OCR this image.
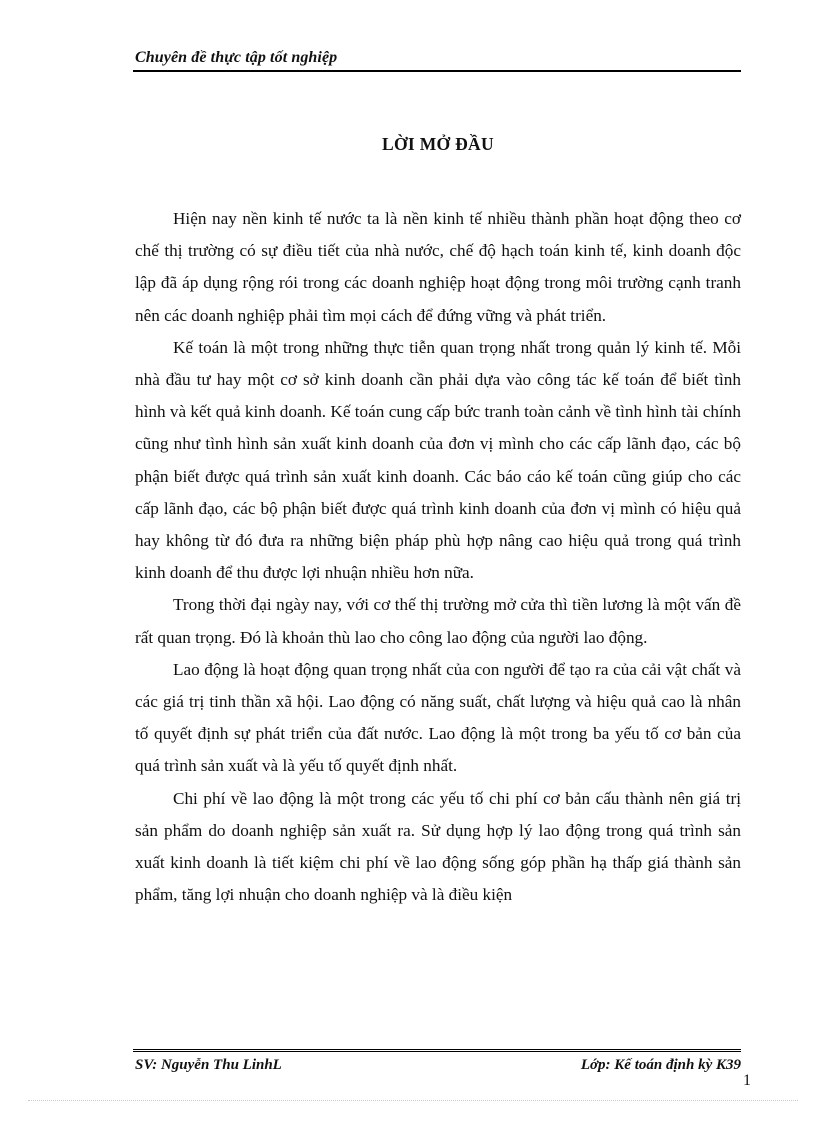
Chuyên đề thực tập tốt nghiệp
LỜI MỞ ĐẦU

Hiện nay nền kinh tế nước ta là nền kinh tế nhiều thành phần hoạt động theo cơ chế thị trường có sự điều tiết của nhà nước, chế độ hạch toán kinh tế, kinh doanh độc lập đã áp dụng rộng rói trong các doanh nghiệp hoạt động trong môi trường cạnh tranh nên các doanh nghiệp phải tìm mọi cách để đứng vững và phát triển.

Kế toán là một trong những thực tiễn quan trọng nhất trong quản lý kinh tế. Mỗi nhà đầu tư hay một cơ sở kinh doanh cần phải dựa vào công tác kế toán để biết tình hình và kết quả kinh doanh. Kế toán cung cấp bức tranh toàn cảnh về tình hình tài chính cũng như tình hình sản xuất kinh doanh của đơn vị mình cho các cấp lãnh đạo, các bộ phận biết được quá trình sản xuất kinh doanh. Các báo cáo kế toán cũng giúp cho các cấp lãnh đạo, các bộ phận biết được quá trình kinh doanh của đơn vị mình có hiệu quả hay không từ đó đưa ra những biện pháp phù hợp nâng cao hiệu quả trong quá trình kinh doanh để thu được lợi nhuận nhiều hơn nữa.

Trong thời đại ngày nay, với cơ thế thị trường mở cửa thì tiền lương là một vấn đề rất quan trọng. Đó là khoản thù lao cho công lao động của người lao động.

Lao động là hoạt động quan trọng nhất của con người để tạo ra của cải vật chất và các giá trị tinh thần xã hội. Lao động có năng suất, chất lượng và hiệu quả cao là nhân tố quyết định sự phát triển của đất nước. Lao động là một trong ba yếu tố cơ bản của quá trình sản xuất và là yếu tố quyết định nhất.

Chi phí về lao động là một trong các yếu tố chi phí cơ bản cấu thành nên giá trị sản phẩm do doanh nghiệp sản xuất ra. Sử dụng hợp lý lao động trong quá trình sản xuất kinh doanh là tiết kiệm chi phí về lao động sống góp phần hạ thấp giá thành sản phẩm, tăng lợi nhuận cho doanh nghiệp và là điều kiện

SV: Nguyễn Thu LinhL	Lớp: Kế toán định kỳ K39
1
